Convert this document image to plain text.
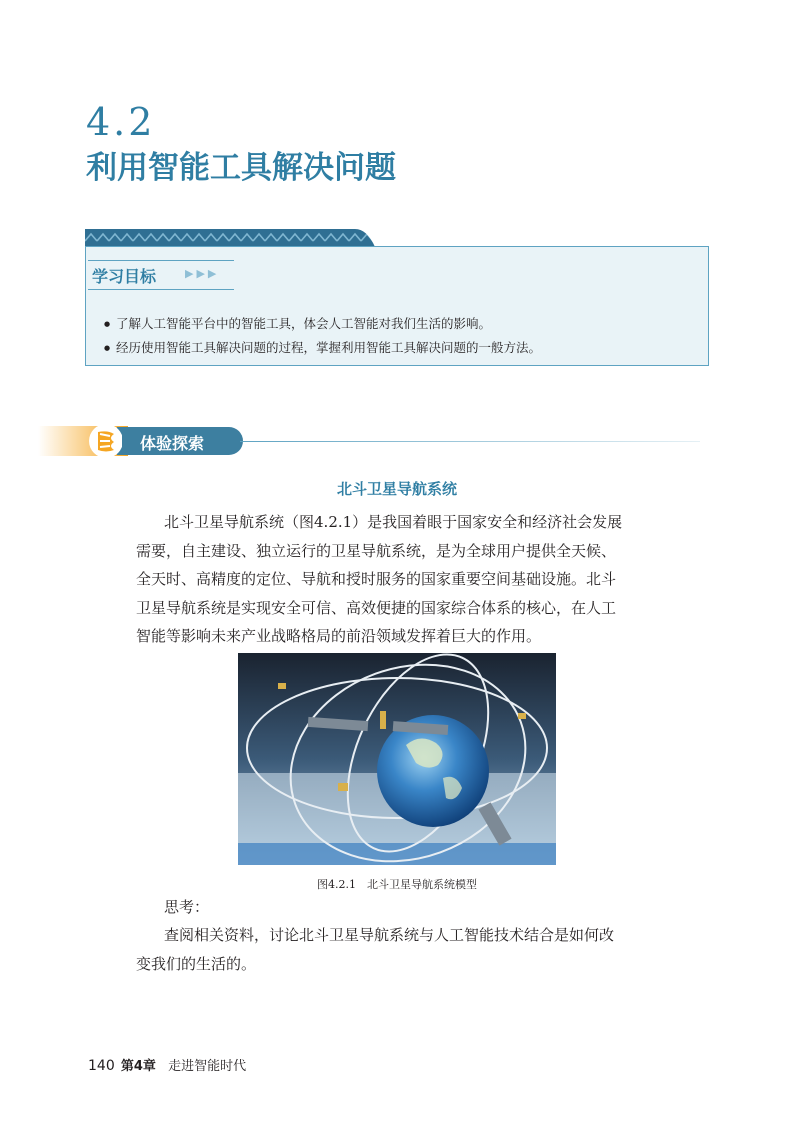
4.2
利用智能工具解决问题
学习目标	▶▶▶
● 了解人工智能平台中的智能工具，体会人工智能对我们生活的影响。
● 经历使用智能工具解决问题的过程，掌握利用智能工具解决问题的一般方法。
体验探索
北斗卫星导航系统
北斗卫星导航系统（图4.2.1）是我国着眼于国家安全和经济社会发展
需要，自主建设、独立运行的卫星导航系统，是为全球用户提供全天候、
全天时、高精度的定位、导航和授时服务的国家重要空间基础设施。北斗
卫星导航系统是实现安全可信、高效便捷的国家综合体系的核心，在人工
智能等影响未来产业战略格局的前沿领域发挥着巨大的作用。
图4.2.1　北斗卫星导航系统模型
思考：
查阅相关资料，讨论北斗卫星导航系统与人工智能技术结合是如何改
变我们的生活的。
140 第4章 走进智能时代
